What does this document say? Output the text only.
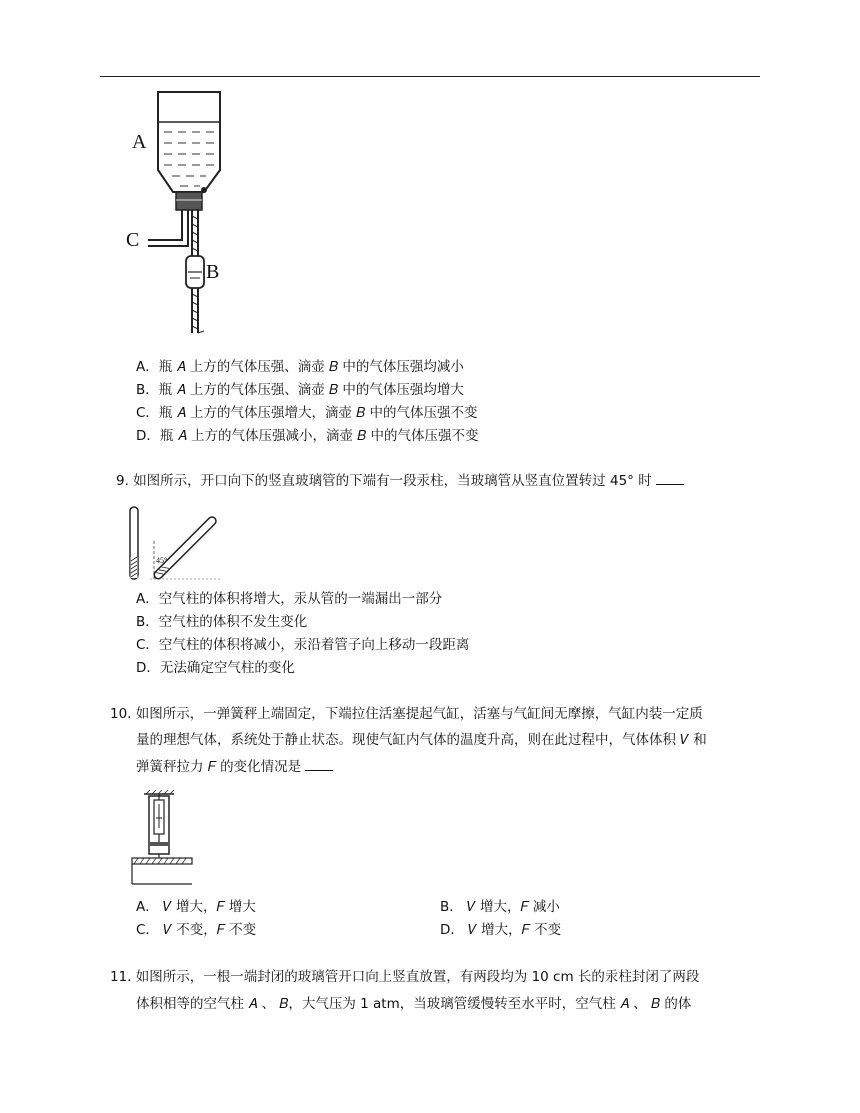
A
C
B
A．瓶 𝐴 上方的气体压强、滴壶 𝐵 中的气体压强均减小
B．瓶 𝐴 上方的气体压强、滴壶 𝐵 中的气体压强均增大
C．瓶 𝐴 上方的气体压强增大，滴壶 𝐵 中的气体压强不变
D．瓶 𝐴 上方的气体压强减小，滴壶 𝐵 中的气体压强不变
9. 如图所示，开口向下的竖直玻璃管的下端有一段汞柱，当玻璃管从竖直位置转过 45° 时
45°
A．空气柱的体积将增大，汞从管的一端漏出一部分
B．空气柱的体积不发生变化
C．空气柱的体积将减小，汞沿着管子向上移动一段距离
D．无法确定空气柱的变化
10. 如图所示，一弹簧秤上端固定，下端拉住活塞提起气缸，活塞与气缸间无摩擦，气缸内装一定质
量的理想气体，系统处于静止状态。现使气缸内气体的温度升高，则在此过程中，气体体积 𝑉 和
弹簧秤拉力 𝐹 的变化情况是
A． 𝑉 增大，𝐹 增大	B． 𝑉 增大，𝐹 减小
C． 𝑉 不变，𝐹 不变	D． 𝑉 增大，𝐹 不变
11. 如图所示，一根一端封闭的玻璃管开口向上竖直放置，有两段均为 10 cm 长的汞柱封闭了两段
体积相等的空气柱 𝐴 、 𝐵，大气压为 1 atm，当玻璃管缓慢转至水平时，空气柱 𝐴 、 𝐵 的体
